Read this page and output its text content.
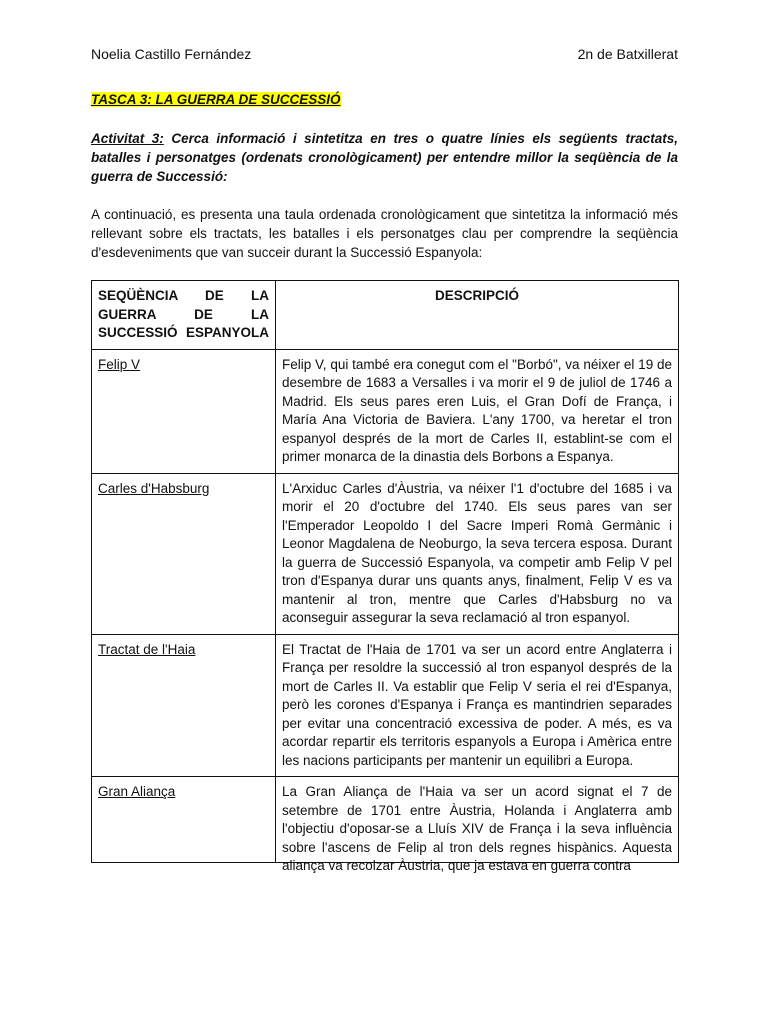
Noelia Castillo Fernández	2n de Batxillerat
TASCA 3: LA GUERRA DE SUCCESSIÓ
Activitat 3: Cerca informació i sintetitza en tres o quatre línies els següents tractats, batalles i personatges (ordenats cronològicament) per entendre millor la seqüència de la guerra de Successió:
A continuació, es presenta una taula ordenada cronològicament que sintetitza la informació més rellevant sobre els tractats, les batalles i els personatges clau per comprendre la seqüència d'esdeveniments que van succeir durant la Successió Espanyola:
SEQÜÈNCIA DE LA GUERRA DE LA SUCCESSIÓ ESPANYOLA	DESCRIPCIÓ
Felip V	Felip V, qui també era conegut com el "Borbó", va néixer el 19 de desembre de 1683 a Versalles i va morir el 9 de juliol de 1746 a Madrid. Els seus pares eren Luis, el Gran Dofí de França, i María Ana Victoria de Baviera. L'any 1700, va heretar el tron espanyol després de la mort de Carles II, establint-se com el primer monarca de la dinastia dels Borbons a Espanya.
Carles d'Habsburg	L'Arxiduc Carles d'Àustria, va néixer l'1 d'octubre del 1685 i va morir el 20 d'octubre del 1740. Els seus pares van ser l'Emperador Leopoldo I del Sacre Imperi Romà Germànic i Leonor Magdalena de Neoburgo, la seva tercera esposa. Durant la guerra de Successió Espanyola, va competir amb Felip V pel tron d'Espanya durar uns quants anys, finalment, Felip V es va mantenir al tron, mentre que Carles d'Habsburg no va aconseguir assegurar la seva reclamació al tron espanyol.
Tractat de l'Haia	El Tractat de l'Haia de 1701 va ser un acord entre Anglaterra i França per resoldre la successió al tron espanyol després de la mort de Carles II. Va establir que Felip V seria el rei d'Espanya, però les corones d'Espanya i França es mantindrien separades per evitar una concentració excessiva de poder. A més, es va acordar repartir els territoris espanyols a Europa i Amèrica entre les nacions participants per mantenir un equilibri a Europa.
Gran Aliança	La Gran Aliança de l'Haia va ser un acord signat el 7 de setembre de 1701 entre Àustria, Holanda i Anglaterra amb l'objectiu d'oposar-se a Lluís XIV de França i la seva influència sobre l'ascens de Felip al tron dels regnes hispànics. Aquesta aliança va recolzar Àustria, que ja estava en guerra contra
